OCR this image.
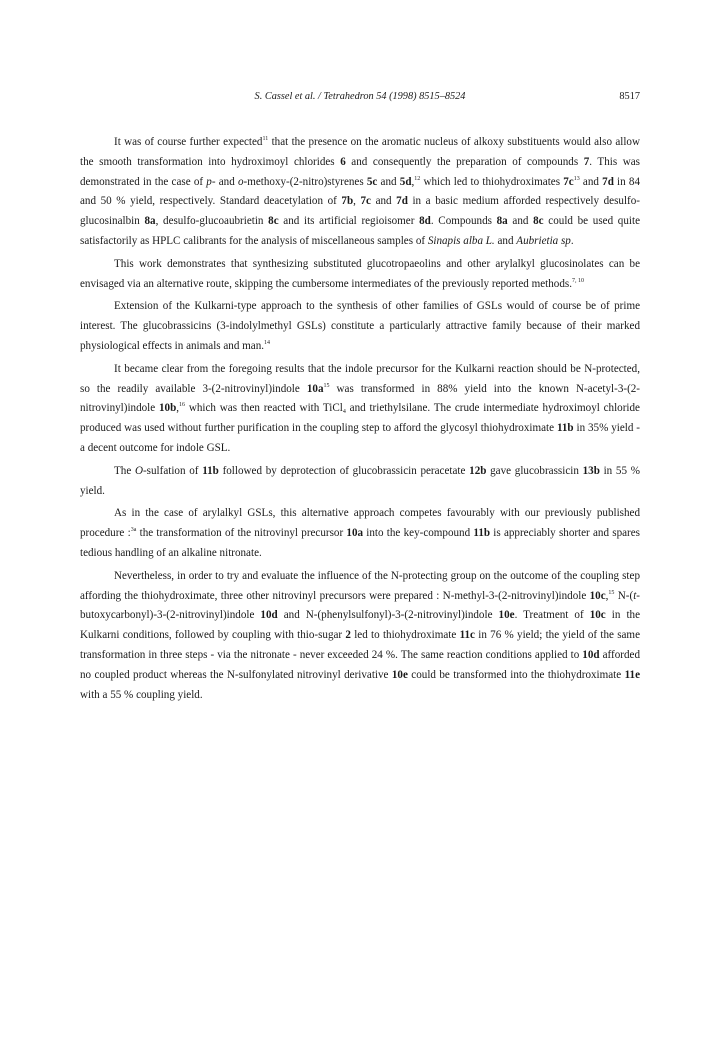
S. Cassel et al. / Tetrahedron 54 (1998) 8515–8524	8517

It was of course further expected$^{11}$ that the presence on the aromatic nucleus of alkoxy substituents would also allow the smooth transformation into hydroximoyl chlorides 6 and consequently the preparation of compounds 7. This was demonstrated in the case of p- and o-methoxy-(2-nitro)styrenes 5c and 5d,$^{12}$ which led to thiohydroximates $7c^{13}$ and 7d in 84 and 50 % yield, respectively. Standard deacetylation of 7b, 7c and 7d in a basic medium afforded respectively desulfo-glucosinalbin 8a, desulfo-glucoaubrietin 8c and its artificial regioisomer 8d. Compounds 8a and 8c could be used quite satisfactorily as HPLC calibrants for the analysis of miscellaneous samples of Sinapis alba L. and Aubrietia sp.

This work demonstrates that synthesizing substituted glucotropaeolins and other arylalkyl glucosinolates can be envisaged via an alternative route, skipping the cumbersome intermediates of the previously reported methods.$^{7, 10}$

Extension of the Kulkarni-type approach to the synthesis of other families of GSLs would of course be of prime interest. The glucobrassicins (3-indolylmethyl GSLs) constitute a particularly attractive family because of their marked physiological effects in animals and man.$^{14}$

It became clear from the foregoing results that the indole precursor for the Kulkarni reaction should be N-protected, so the readily available 3-(2-nitrovinyl)indole $10a^{15}$ was transformed in 88% yield into the known N-acetyl-3-(2-nitrovinyl)indole 10b,$^{16}$ which was then reacted with TiCl$_4$ and triethylsilane. The crude intermediate hydroximoyl chloride produced was used without further purification in the coupling step to afford the glycosyl thiohydroximate 11b in 35% yield - a decent outcome for indole GSL.

The O-sulfation of 11b followed by deprotection of glucobrassicin peracetate 12b gave glucobrassicin 13b in 55 % yield.

As in the case of arylalkyl GSLs, this alternative approach competes favourably with our previously published procedure :$^{3a}$ the transformation of the nitrovinyl precursor 10a into the key-compound 11b is appreciably shorter and spares tedious handling of an alkaline nitronate.

Nevertheless, in order to try and evaluate the influence of the N-protecting group on the outcome of the coupling step affording the thiohydroximate, three other nitrovinyl precursors were prepared : N-methyl-3-(2-nitrovinyl)indole 10c,$^{15}$ N-(t-butoxycarbonyl)-3-(2-nitrovinyl)indole 10d and N-(phenylsulfonyl)-3-(2-nitrovinyl)indole 10e. Treatment of 10c in the Kulkarni conditions, followed by coupling with thio-sugar 2 led to thiohydroximate 11c in 76 % yield; the yield of the same transformation in three steps - via the nitronate - never exceeded 24 %. The same reaction conditions applied to 10d afforded no coupled product whereas the N-sulfonylated nitrovinyl derivative 10e could be transformed into the thiohydroximate 11e with a 55 % coupling yield.
